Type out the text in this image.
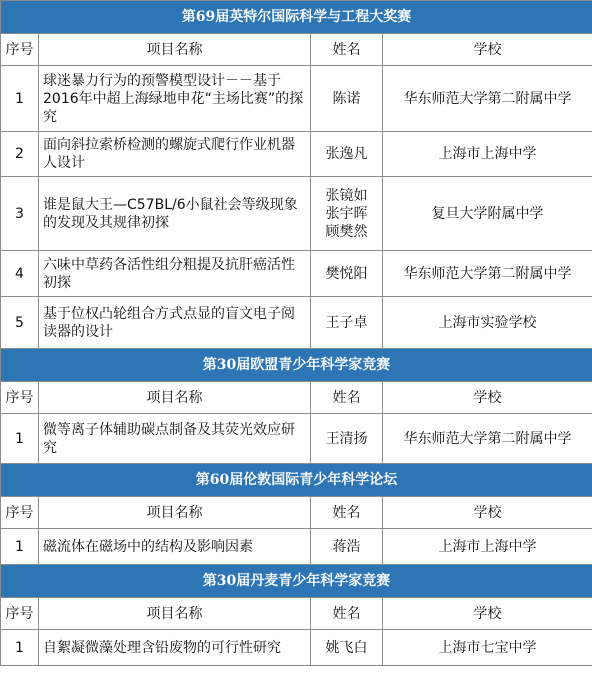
第69届英特尔国际科学与工程大奖赛			
序号	项目名称	姓名	学校
1	球迷暴力行为的预警模型设计－－基于2016年中超上海绿地申花“主场比赛”的探究	陈诺	华东师范大学第二附属中学
2	面向斜拉索桥检测的螺旋式爬行作业机器人设计	张逸凡	上海市上海中学
3	谁是鼠大王—C57BL/6小鼠社会等级现象的发现及其规律初探	张镜如
张宇晖
顾樊然	复旦大学附属中学
4	六味中草药各活性组分粗提及抗肝癌活性初探	樊悦阳	华东师范大学第二附属中学
5	基于位权凸轮组合方式点显的盲文电子阅读器的设计	王子卓	上海市实验学校
第30届欧盟青少年科学家竞赛			
序号	项目名称	姓名	学校
1	微等离子体辅助碳点制备及其荧光效应研究	王清扬	华东师范大学第二附属中学
第60届伦敦国际青少年科学论坛			
序号	项目名称	姓名	学校
1	磁流体在磁场中的结构及影响因素	蒋浩	上海市上海中学
第30届丹麦青少年科学家竞赛			
序号	项目名称	姓名	学校
1	自絮凝微藻处理含铅废物的可行性研究	姚飞白	上海市七宝中学
